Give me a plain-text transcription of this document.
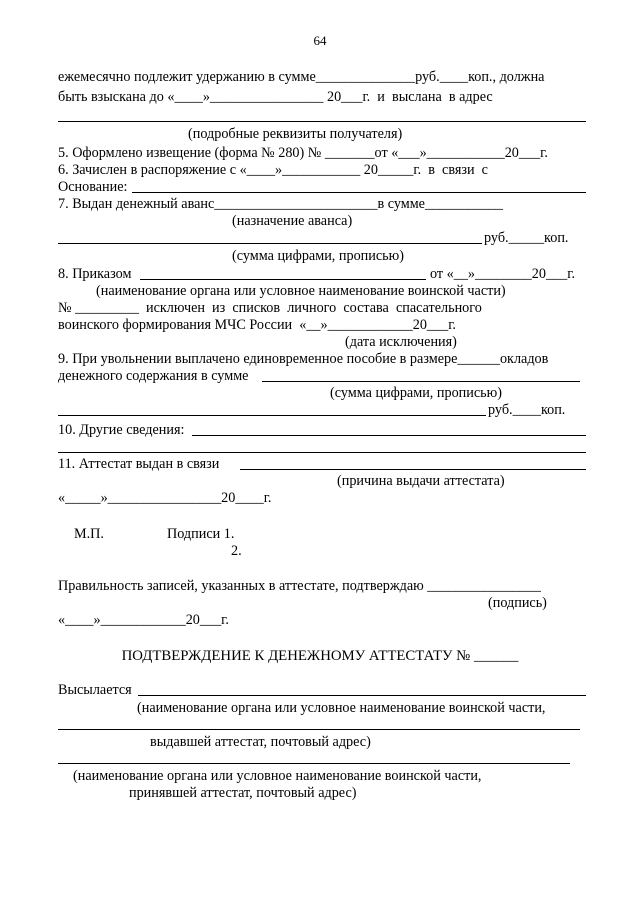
64
ежемесячно подлежит удержанию в сумме______________руб.____коп., должна
быть взыскана до «____»________________ 20___г.  и  выслана  в адрес
(подробные реквизиты получателя)
5. Оформлено извещение (форма № 280) № _______от «___»___________20___г.
6. Зачислен в распоряжение с «____»___________ 20_____г.  в  связи  с
Основание:
7. Выдан денежный аванс_______________________в сумме___________
(назначение аванса)
руб._____коп.
(сумма цифрами, прописью)
8. Приказом	от «__»________20___г.
(наименование органа или условное наименование воинской части)
№ _________  исключен  из  списков  личного  состава  спасательного
воинского формирования МЧС России  «__»____________20___г.
(дата исключения)
9. При увольнении выплачено единовременное пособие в размере______окладов
денежного содержания в сумме
(сумма цифрами, прописью)
руб.____коп.
10. Другие сведения:
11. Аттестат выдан в связи
(причина выдачи аттестата)
«_____»________________20____г.
М.П.	Подписи 1.
2.
Правильность записей, указанных в аттестате, подтверждаю ________________
(подпись)
«____»____________20___г.
ПОДТВЕРЖДЕНИЕ К ДЕНЕЖНОМУ АТТЕСТАТУ № ______
Высылается
(наименование органа или условное наименование воинской части,
выдавшей аттестат, почтовый адрес)
(наименование органа или условное наименование воинской части,
принявшей аттестат, почтовый адрес)
